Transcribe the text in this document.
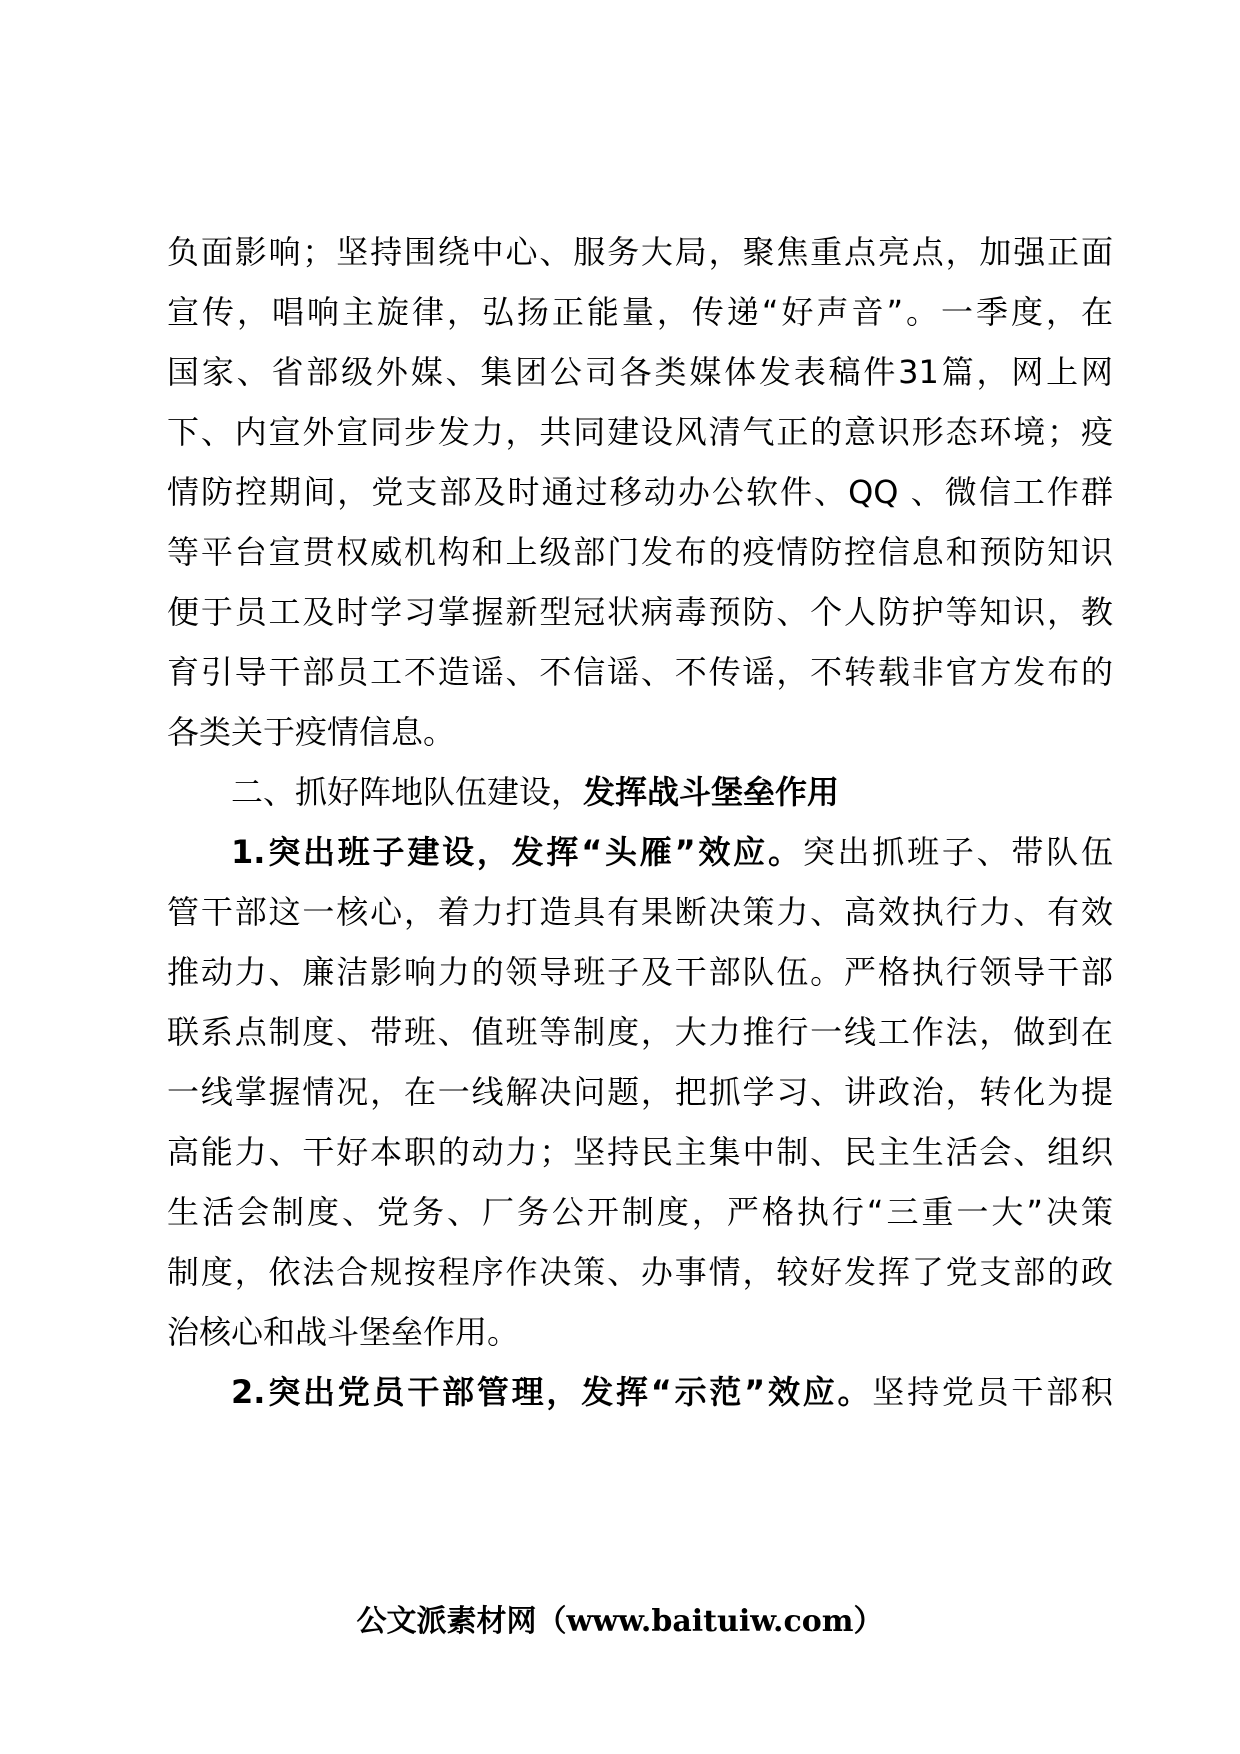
负面影响；坚持围绕中心、服务大局，聚焦重点亮点，加强正面
宣传，唱响主旋律，弘扬正能量，传递“好声音”。一季度，在
国家、省部级外媒、集团公司各类媒体发表稿件31篇，网上网
下、内宣外宣同步发力，共同建设风清气正的意识形态环境；疫
情防控期间，党支部及时通过移动办公软件、QQ 、微信工作群
等平台宣贯权威机构和上级部门发布的疫情防控信息和预防知识
便于员工及时学习掌握新型冠状病毒预防、个人防护等知识，教
育引导干部员工不造谣、不信谣、不传谣，不转载非官方发布的
各类关于疫情信息。
二、抓好阵地队伍建设，发挥战斗堡垒作用
1.突出班子建设，发挥“头雁”效应。突出抓班子、带队伍
管干部这一核心，着力打造具有果断决策力、高效执行力、有效
推动力、廉洁影响力的领导班子及干部队伍。严格执行领导干部
联系点制度、带班、值班等制度，大力推行一线工作法，做到在
一线掌握情况，在一线解决问题，把抓学习、讲政治，转化为提
高能力、干好本职的动力；坚持民主集中制、民主生活会、组织
生活会制度、党务、厂务公开制度，严格执行“三重一大”决策
制度，依法合规按程序作决策、办事情，较好发挥了党支部的政
治核心和战斗堡垒作用。
2.突出党员干部管理，发挥“示范”效应。坚持党员干部积
公文派素材网（www.baituiw.com）
